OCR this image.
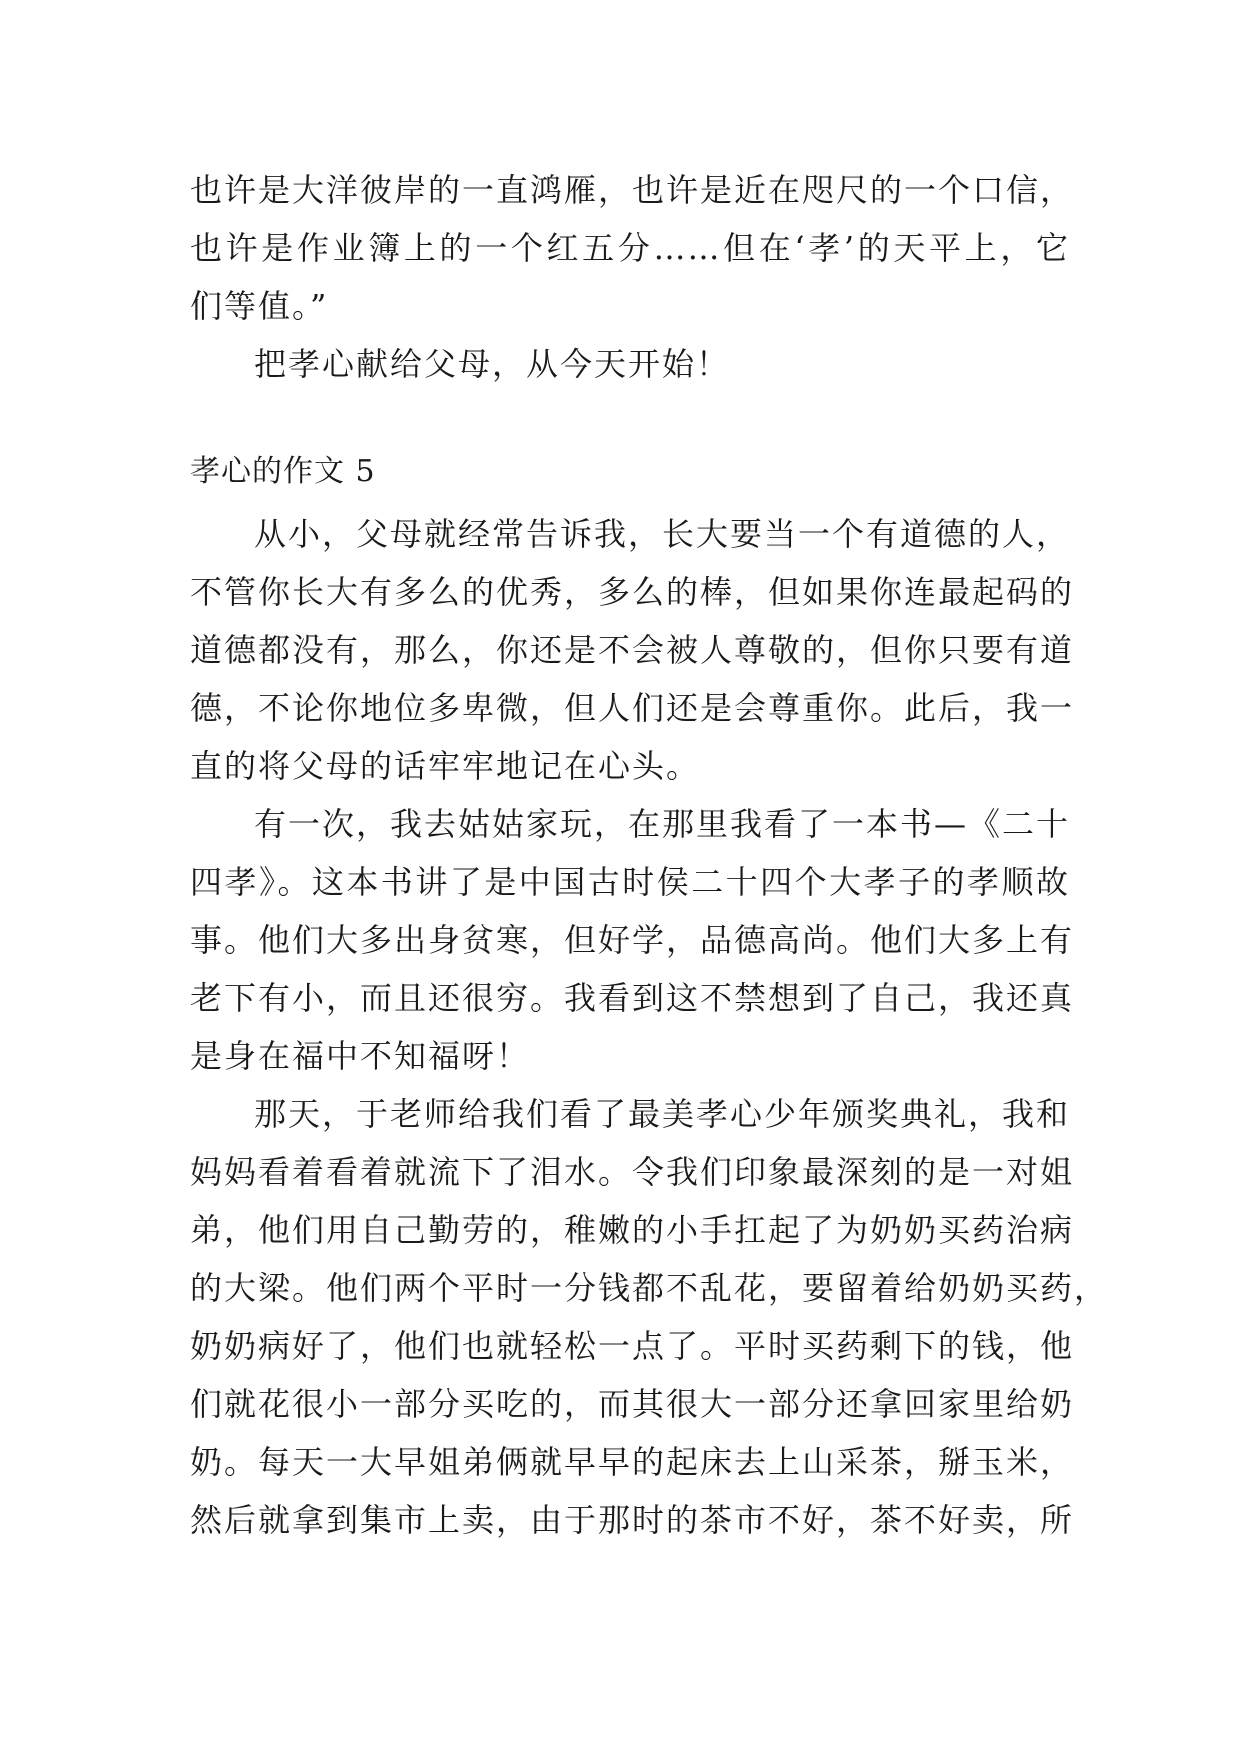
也许是大洋彼岸的一直鸿雁，也许是近在咫尺的一个口信，
也许是作业簿上的一个红五分……但在‘孝’的天平上，它
们等值。”
把孝心献给父母，从今天开始！
孝心的作文 5
从小，父母就经常告诉我，长大要当一个有道德的人，
不管你长大有多么的优秀，多么的棒，但如果你连最起码的
道德都没有，那么，你还是不会被人尊敬的，但你只要有道
德，不论你地位多卑微，但人们还是会尊重你。此后，我一
直的将父母的话牢牢地记在心头。
有一次，我去姑姑家玩，在那里我看了一本书—《二十
四孝》。这本书讲了是中国古时侯二十四个大孝子的孝顺故
事。他们大多出身贫寒，但好学，品德高尚。他们大多上有
老下有小，而且还很穷。我看到这不禁想到了自己，我还真
是身在福中不知福呀！
那天，于老师给我们看了最美孝心少年颁奖典礼，我和
妈妈看着看着就流下了泪水。令我们印象最深刻的是一对姐
弟，他们用自己勤劳的，稚嫩的小手扛起了为奶奶买药治病
的大梁。他们两个平时一分钱都不乱花，要留着给奶奶买药，
奶奶病好了，他们也就轻松一点了。平时买药剩下的钱，他
们就花很小一部分买吃的，而其很大一部分还拿回家里给奶
奶。每天一大早姐弟俩就早早的起床去上山采茶，掰玉米，
然后就拿到集市上卖，由于那时的茶市不好，茶不好卖，所
